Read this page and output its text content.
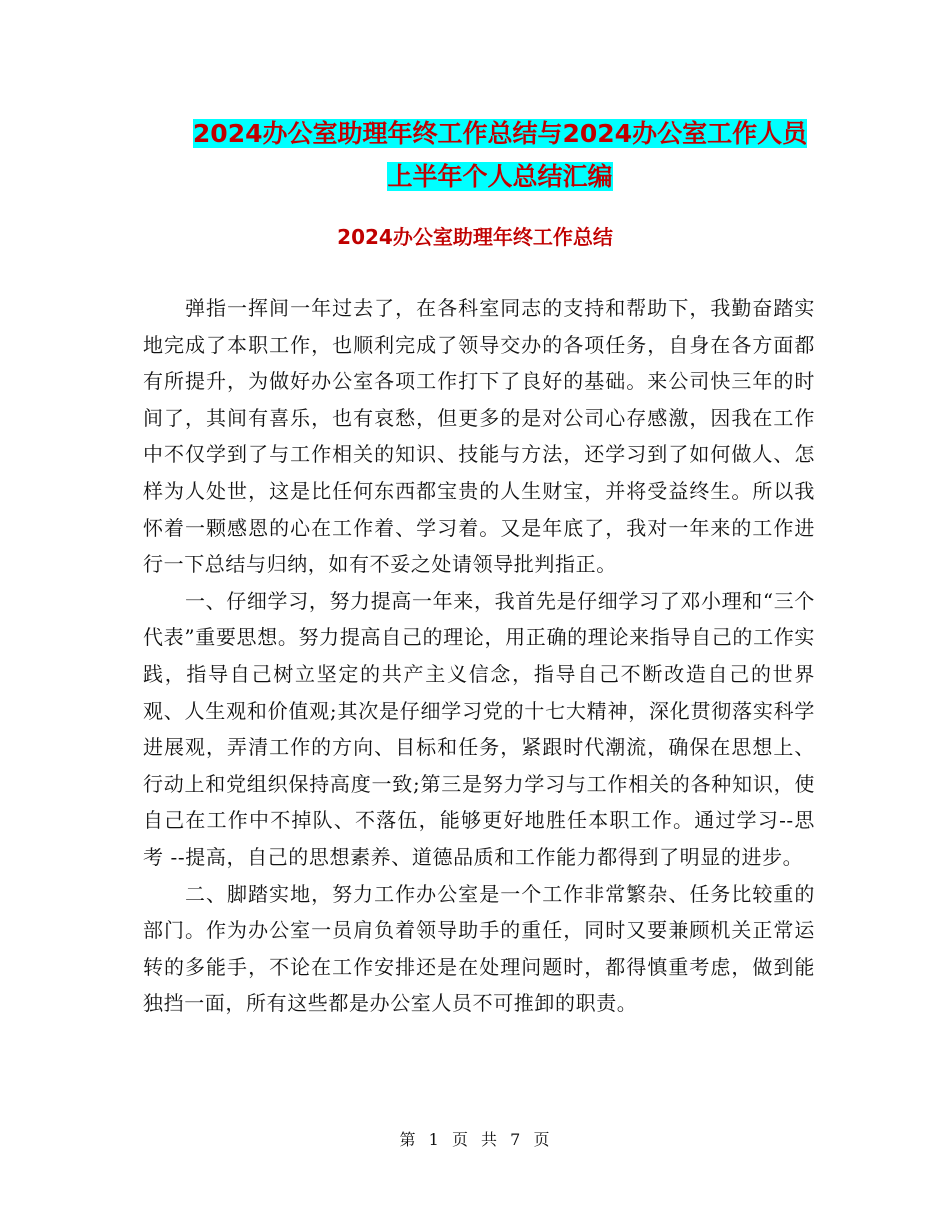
2024办公室助理年终工作总结与2024办公室工作人员
上半年个人总结汇编
2024办公室助理年终工作总结

弹指一挥间一年过去了，在各科室同志的支持和帮助下，我勤奋踏实地完成了本职工作，也顺利完成了领导交办的各项任务，自身在各方面都有所提升，为做好办公室各项工作打下了良好的基础。来公司快三年的时间了，其间有喜乐，也有哀愁，但更多的是对公司心存感激，因我在工作中不仅学到了与工作相关的知识、技能与方法，还学习到了如何做人、怎样为人处世，这是比任何东西都宝贵的人生财宝，并将受益终生。所以我怀着一颗感恩的心在工作着、学习着。又是年底了，我对一年来的工作进行一下总结与归纳，如有不妥之处请领导批判指正。

一、仔细学习，努力提高一年来，我首先是仔细学习了邓小理和“三个代表”重要思想。努力提高自己的理论，用正确的理论来指导自己的工作实践，指导自己树立坚定的共产主义信念，指导自己不断改造自己的世界观、人生观和价值观;其次是仔细学习党的十七大精神，深化贯彻落实科学进展观，弄清工作的方向、目标和任务，紧跟时代潮流，确保在思想上、行动上和党组织保持高度一致;第三是努力学习与工作相关的各种知识，使自己在工作中不掉队、不落伍，能够更好地胜任本职工作。通过学习--思考 --提高，自己的思想素养、道德品质和工作能力都得到了明显的进步。

二、脚踏实地，努力工作办公室是一个工作非常繁杂、任务比较重的部门。作为办公室一员肩负着领导助手的重任，同时又要兼顾机关正常运转的多能手，不论在工作安排还是在处理问题时，都得慎重考虑，做到能独挡一面，所有这些都是办公室人员不可推卸的职责。

第 1 页 共 7 页
